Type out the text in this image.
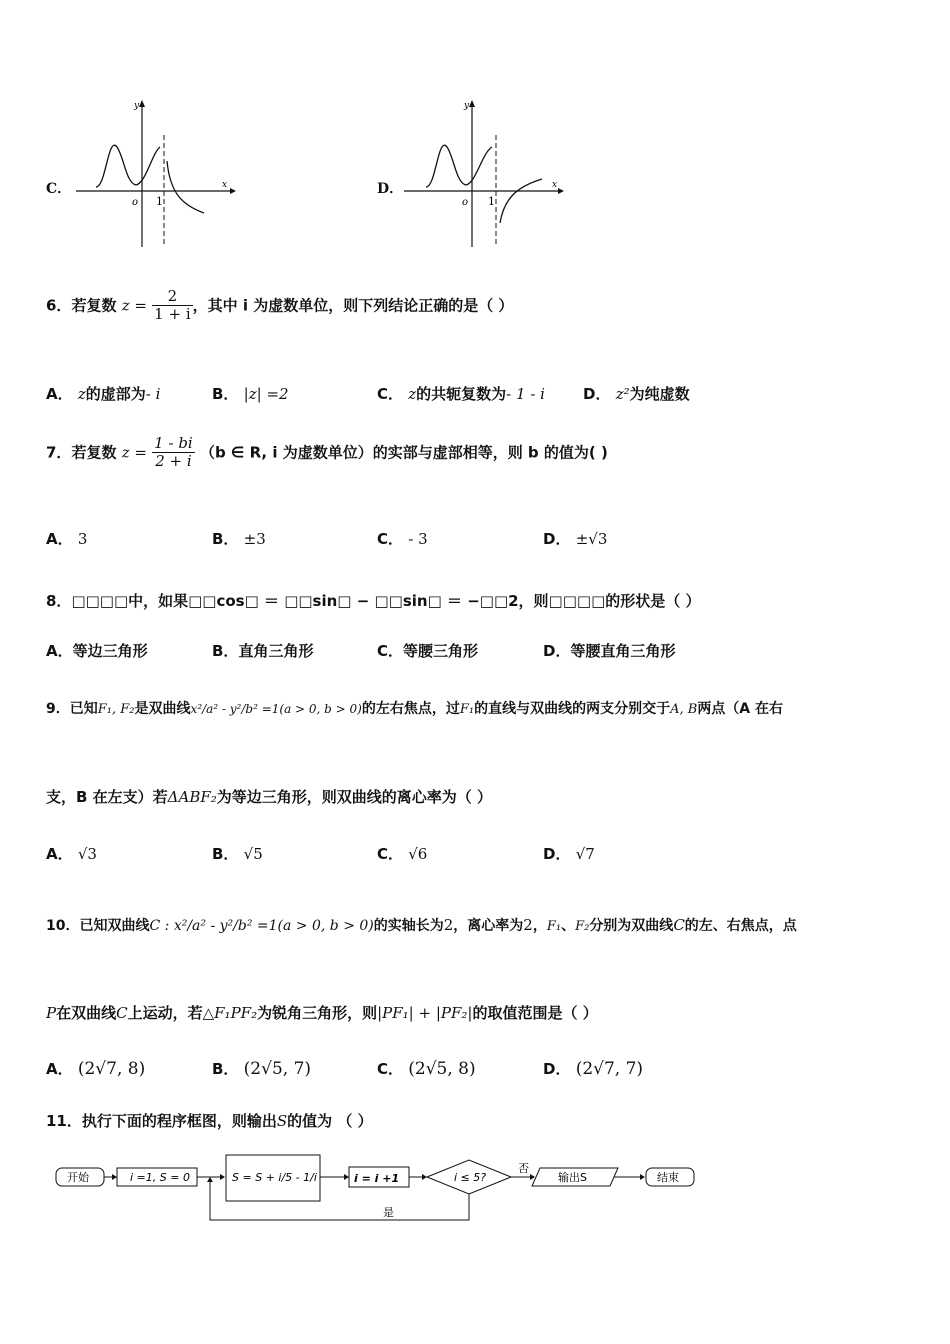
C．
y
x
o 1
D．
y
x
o 1
6．若复数 $z = \frac{2}{1 + i}$ ，其中 i 为虚数单位，则下列结论正确的是（ ）
A． z的虚部为- i	B． |z| =2	C． z的共轭复数为- 1 - i	D． z²为纯虚数
7．若复数 $z = \frac{1 - bi}{2 + i} (b$ ∈ R, i 为虚数单位）的实部与虚部相等，则 b 的值为( )
A． 3	B． ±3	C． - 3	D． ±√3
8．□□□□中，如果□□cos□ ＝ □□sin□ − □□sin□ ＝ −□□2，则□□□□的形状是（ ）
A．等边三角形	B．直角三角形	C．等腰三角形	D．等腰直角三角形
9．已知F₁, F₂是双曲线x²/a² - y²/b² =1(a > 0, b > 0)的左右焦点，过F₁的直线与双曲线的两支分别交于A, B两点（A 在右
支，B 在左支）若ΔABF₂为等边三角形，则双曲线的离心率为（ ）
A． √3	B． √5	C． √6	D． √7
10．已知双曲线C : x²/a² - y²/b² =1(a > 0, b > 0)的实轴长为2，离心率为2，F₁、F₂分别为双曲线C的左、右焦点，点
P在双曲线C上运动，若△F₁PF₂为锐角三角形，则|PF₁| + |PF₂|的取值范围是（ ）
A． (2√7, 8)	B． (2√5, 7)	C． (2√5, 8)	D． (2√7, 7)
11．执行下面的程序框图，则输出S的值为 （ ）
开始	i =1, S = 0	S = S + i/5 - 1/i	i = i +1	i ≤ 5?
否
输出S	结束
是
